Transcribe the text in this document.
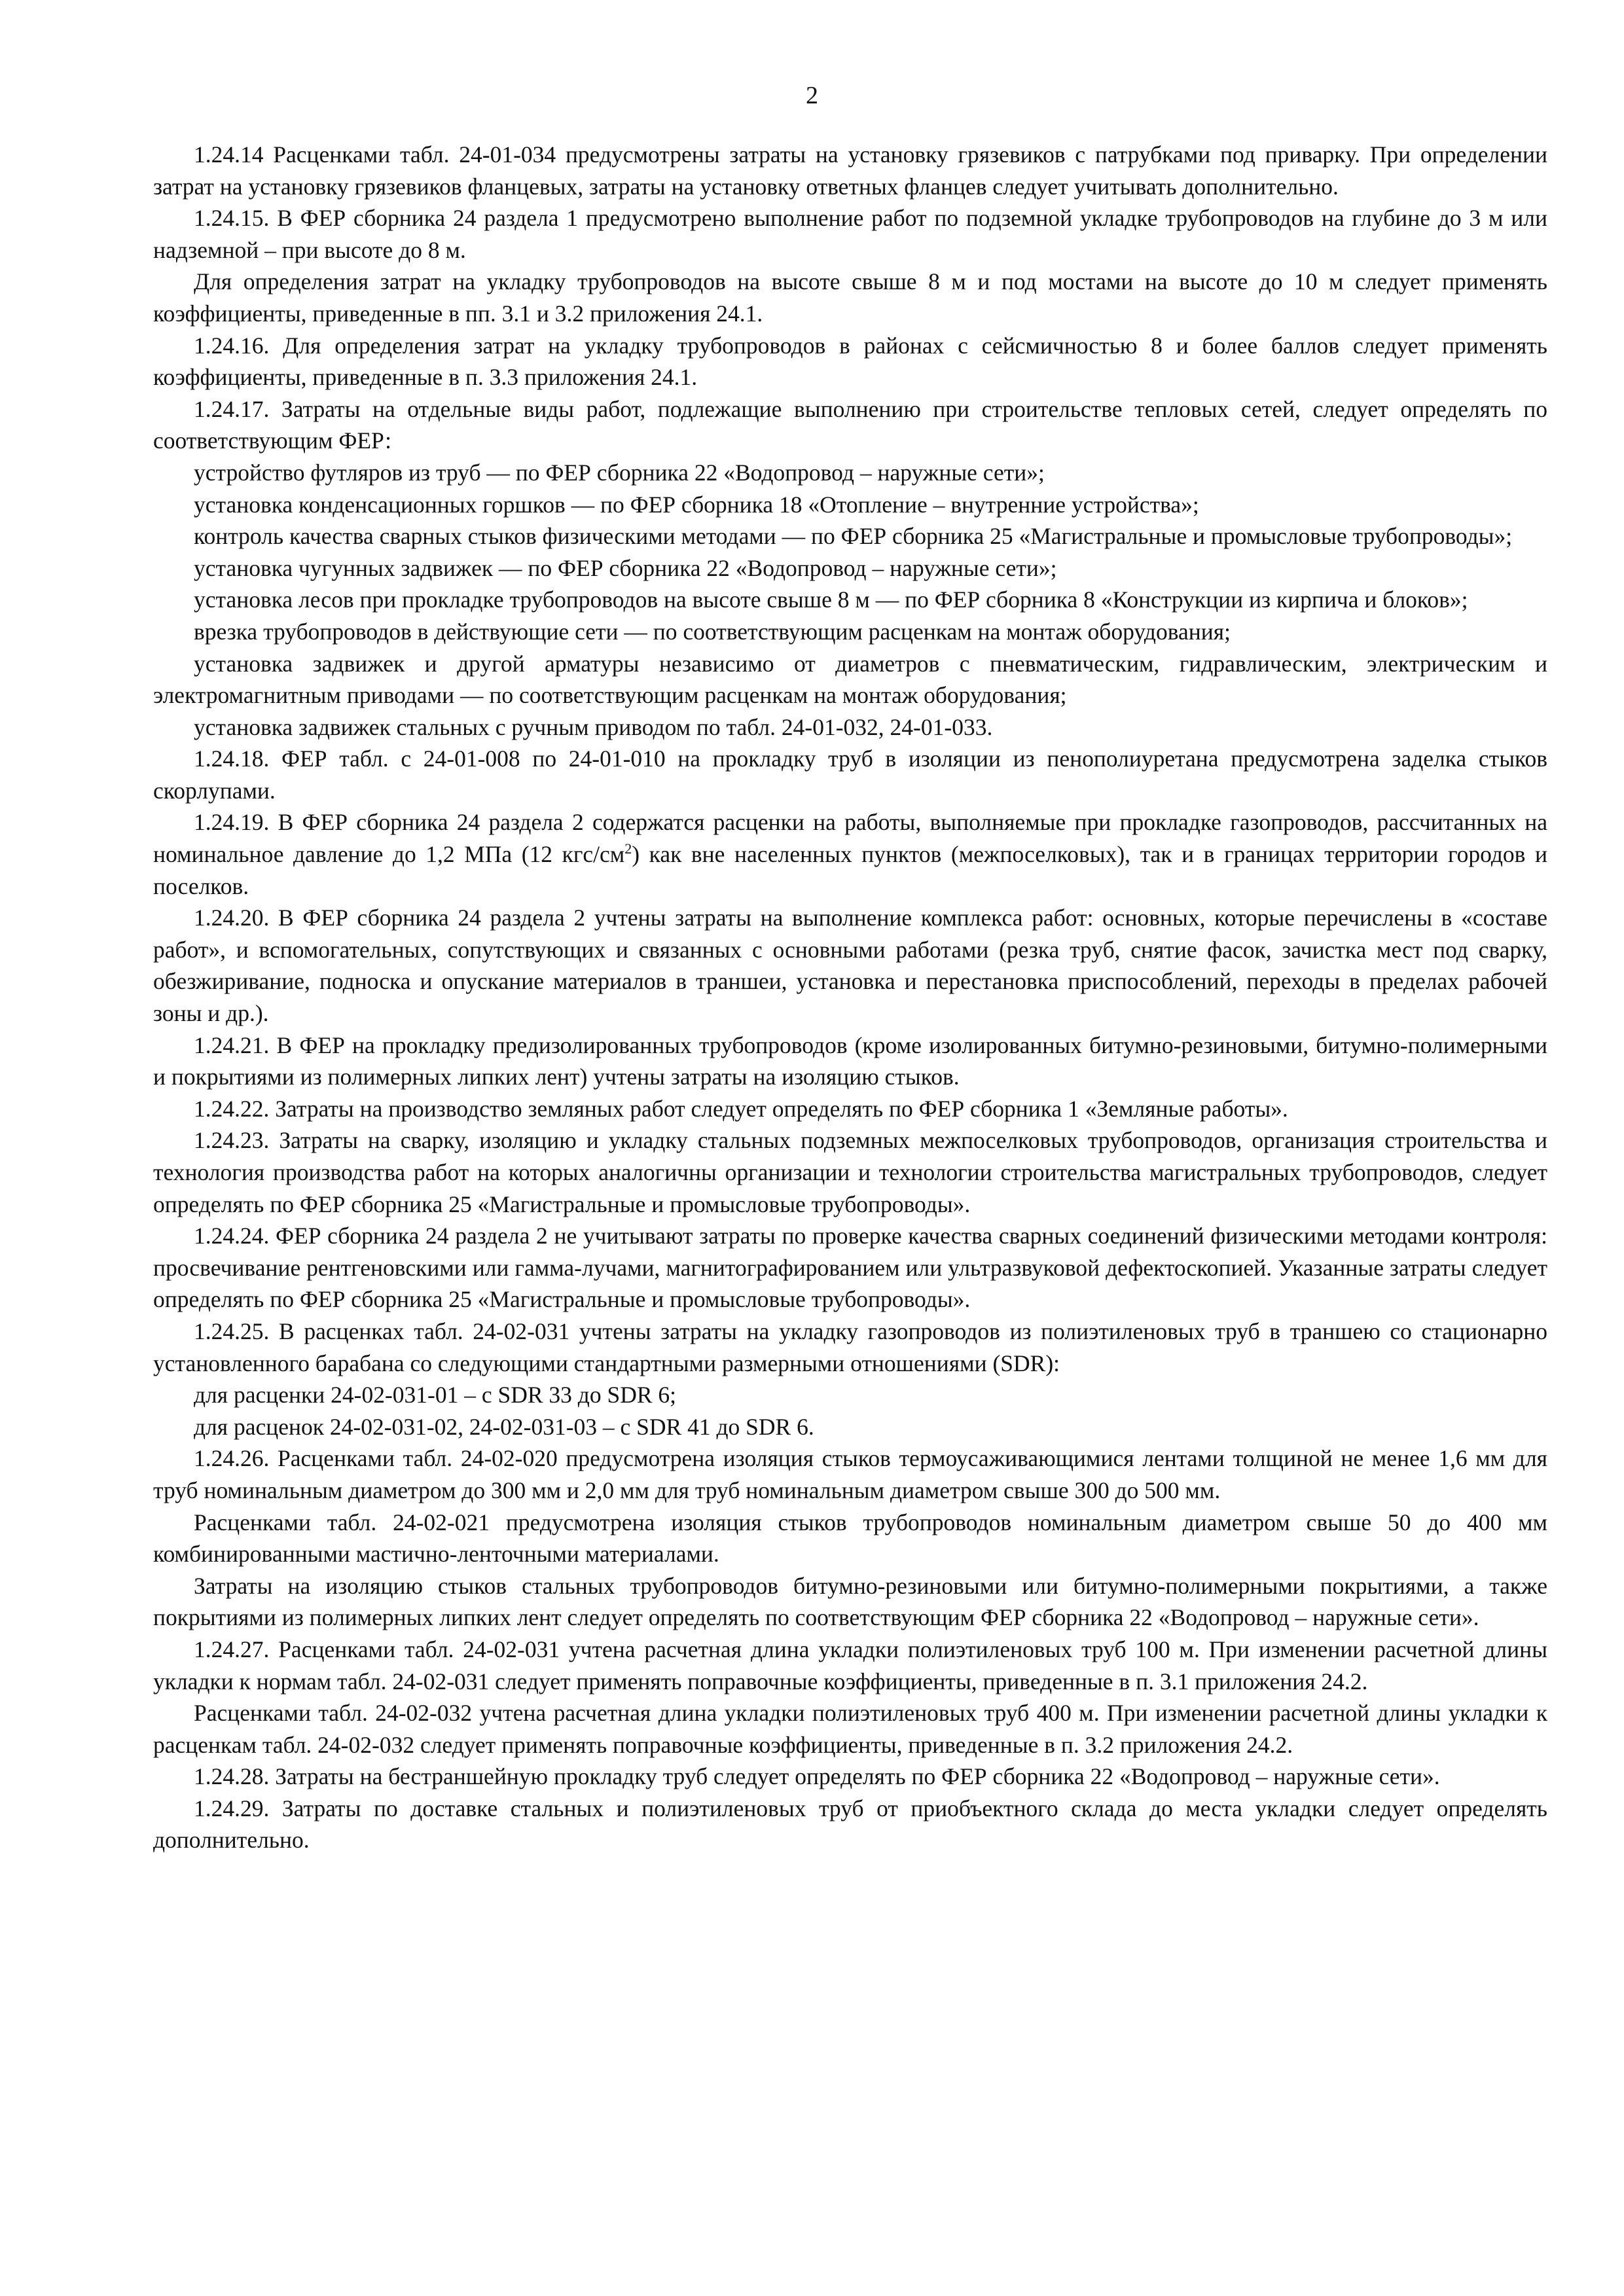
2

1.24.14 Расценками табл. 24-01-034 предусмотрены затраты на установку грязевиков с патрубками под приварку. При определении затрат на установку грязевиков фланцевых, затраты на установку ответных фланцев следует учитывать дополнительно.

1.24.15. В ФЕР сборника 24 раздела 1 предусмотрено выполнение работ по подземной укладке трубопроводов на глубине до 3 м или надземной – при высоте до 8 м.

Для определения затрат на укладку трубопроводов на высоте свыше 8 м и под мостами на высоте до 10 м следует применять коэффициенты, приведенные в пп. 3.1 и 3.2 приложения 24.1.

1.24.16. Для определения затрат на укладку трубопроводов в районах с сейсмичностью 8 и более баллов следует применять коэффициенты, приведенные в п. 3.3 приложения 24.1.

1.24.17. Затраты на отдельные виды работ, подлежащие выполнению при строительстве тепловых сетей, следует определять по соответствующим ФЕР:

устройство футляров из труб — по ФЕР сборника 22 «Водопровод – наружные сети»;

установка конденсационных горшков — по ФЕР сборника 18 «Отопление – внутренние устройства»;

контроль качества сварных стыков физическими методами — по ФЕР сборника 25 «Магистральные и промысловые трубопроводы»;

установка чугунных задвижек — по ФЕР сборника 22 «Водопровод – наружные сети»;

установка лесов при прокладке трубопроводов на высоте свыше 8 м — по ФЕР сборника 8 «Конструкции из кирпича и блоков»;

врезка трубопроводов в действующие сети — по соответствующим расценкам на монтаж оборудования;

установка задвижек и другой арматуры независимо от диаметров с пневматическим, гидравлическим, электрическим и электромагнитным приводами — по соответствующим расценкам на монтаж оборудования;

установка задвижек стальных с ручным приводом по табл. 24-01-032, 24-01-033.

1.24.18. ФЕР табл. с 24-01-008 по 24-01-010 на прокладку труб в изоляции из пенополиуретана предусмотрена заделка стыков скорлупами.

1.24.19. В ФЕР сборника 24 раздела 2 содержатся расценки на работы, выполняемые при прокладке газопроводов, рассчитанных на номинальное давление до 1,2 МПа (12 кгс/$см^2$) как вне населенных пунктов (межпоселковых), так и в границах территории городов и поселков.

1.24.20. В ФЕР сборника 24 раздела 2 учтены затраты на выполнение комплекса работ: основных, которые перечислены в «составе работ», и вспомогательных, сопутствующих и связанных с основными работами (резка труб, снятие фасок, зачистка мест под сварку, обезжиривание, подноска и опускание материалов в траншеи, установка и перестановка приспособлений, переходы в пределах рабочей зоны и др.).

1.24.21. В ФЕР на прокладку предизолированных трубопроводов (кроме изолированных битумно-резиновыми, битумно-полимерными и покрытиями из полимерных липких лент) учтены затраты на изоляцию стыков.

1.24.22. Затраты на производство земляных работ следует определять по ФЕР сборника 1 «Земляные работы».

1.24.23. Затраты на сварку, изоляцию и укладку стальных подземных межпоселковых трубопроводов, организация строительства и технология производства работ на которых аналогичны организации и технологии строительства магистральных трубопроводов, следует определять по ФЕР сборника 25 «Магистральные и промысловые трубопроводы».

1.24.24. ФЕР сборника 24 раздела 2 не учитывают затраты по проверке качества сварных соединений физическими методами контроля: просвечивание рентгеновскими или гамма-лучами, магнитографированием или ультразвуковой дефектоскопией. Указанные затраты следует определять по ФЕР сборника 25 «Магистральные и промысловые трубопроводы».

1.24.25. В расценках табл. 24-02-031 учтены затраты на укладку газопроводов из полиэтиленовых труб в траншею со стационарно установленного барабана со следующими стандартными размерными отношениями (SDR):

для расценки 24-02-031-01 – с SDR 33 до SDR 6;

для расценок 24-02-031-02, 24-02-031-03 – с SDR 41 до SDR 6.

1.24.26. Расценками табл. 24-02-020 предусмотрена изоляция стыков термоусаживающимися лентами толщиной не менее 1,6 мм для труб номинальным диаметром до 300 мм и 2,0 мм для труб номинальным диаметром свыше 300 до 500 мм.

Расценками табл. 24-02-021 предусмотрена изоляция стыков трубопроводов номинальным диаметром свыше 50 до 400 мм комбинированными мастично-ленточными материалами.

Затраты на изоляцию стыков стальных трубопроводов битумно-резиновыми или битумно-полимерными покрытиями, а также покрытиями из полимерных липких лент следует определять по соответствующим ФЕР сборника 22 «Водопровод – наружные сети».

1.24.27. Расценками табл. 24-02-031 учтена расчетная длина укладки полиэтиленовых труб 100 м. При изменении расчетной длины укладки к нормам табл. 24-02-031 следует применять поправочные коэффициенты, приведенные в п. 3.1 приложения 24.2.

Расценками табл. 24-02-032 учтена расчетная длина укладки полиэтиленовых труб 400 м. При изменении расчетной длины укладки к расценкам табл. 24-02-032 следует применять поправочные коэффициенты, приведенные в п. 3.2 приложения 24.2.

1.24.28. Затраты на бестраншейную прокладку труб следует определять по ФЕР сборника 22 «Водопровод – наружные сети».

1.24.29. Затраты по доставке стальных и полиэтиленовых труб от приобъектного склада до места укладки следует определять дополнительно.
